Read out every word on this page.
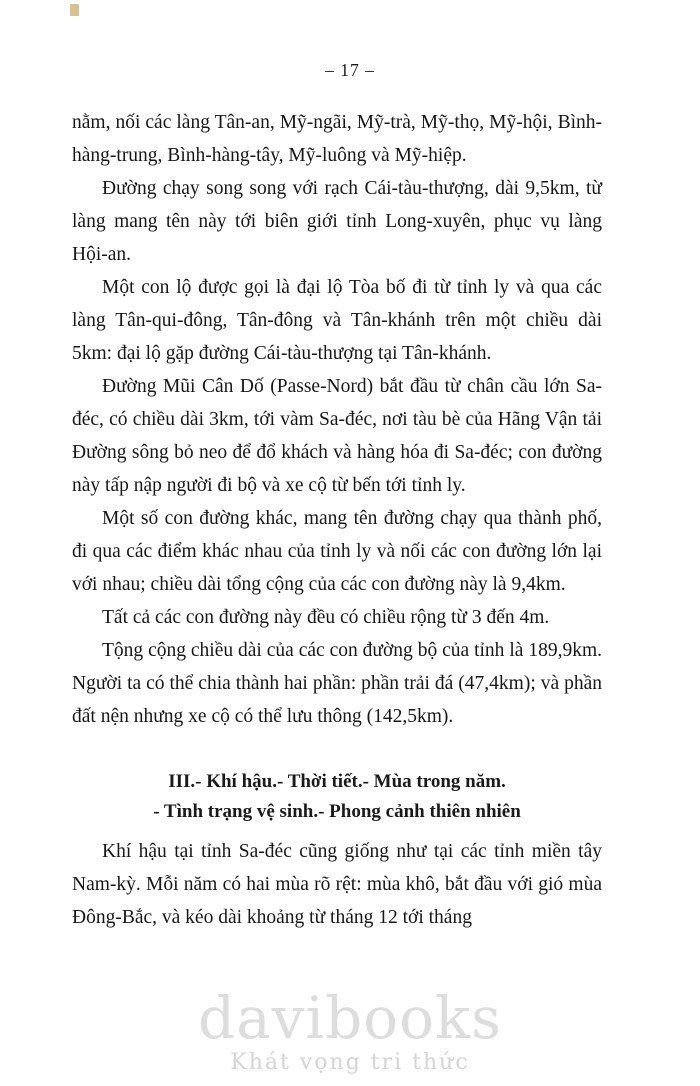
– 17 –

nằm, nối các làng Tân-an, Mỹ-ngãi, Mỹ-trà, Mỹ-thọ, Mỹ-hội, Bình-hàng-trung, Bình-hàng-tây, Mỹ-luông và Mỹ-hiệp.

Đường chạy song song với rạch Cái-tàu-thượng, dài 9,5km, từ làng mang tên này tới biên giới tỉnh Long-xuyên, phục vụ làng Hội-an.

Một con lộ được gọi là đại lộ Tòa bố đi từ tỉnh ly và qua các làng Tân-qui-đông, Tân-đông và Tân-khánh trên một chiều dài 5km: đại lộ gặp đường Cái-tàu-thượng tại Tân-khánh.

Đường Mũi Cân Dố (Passe-Nord) bắt đầu từ chân cầu lớn Sa-đéc, có chiều dài 3km, tới vàm Sa-đéc, nơi tàu bè của Hãng Vận tải Đường sông bỏ neo để đổ khách và hàng hóa đi Sa-đéc; con đường này tấp nập người đi bộ và xe cộ từ bến tới tỉnh ly.

Một số con đường khác, mang tên đường chạy qua thành phố, đi qua các điểm khác nhau của tỉnh ly và nối các con đường lớn lại với nhau; chiều dài tổng cộng của các con đường này là 9,4km.

Tất cả các con đường này đều có chiều rộng từ 3 đến 4m.

Tộng cộng chiều dài của các con đường bộ của tỉnh là 189,9km. Người ta có thể chia thành hai phần: phần trải đá (47,4km); và phần đất nện nhưng xe cộ có thể lưu thông (142,5km).

III.- Khí hậu.- Thời tiết.- Mùa trong năm.
- Tình trạng vệ sinh.- Phong cảnh thiên nhiên

Khí hậu tại tỉnh Sa-đéc cũng giống như tại các tỉnh miền tây Nam-kỳ. Mỗi năm có hai mùa rõ rệt: mùa khô, bắt đầu với gió mùa Đông-Bắc, và kéo dài khoảng từ tháng 12 tới tháng

davibooks
Khát vọng tri thức
